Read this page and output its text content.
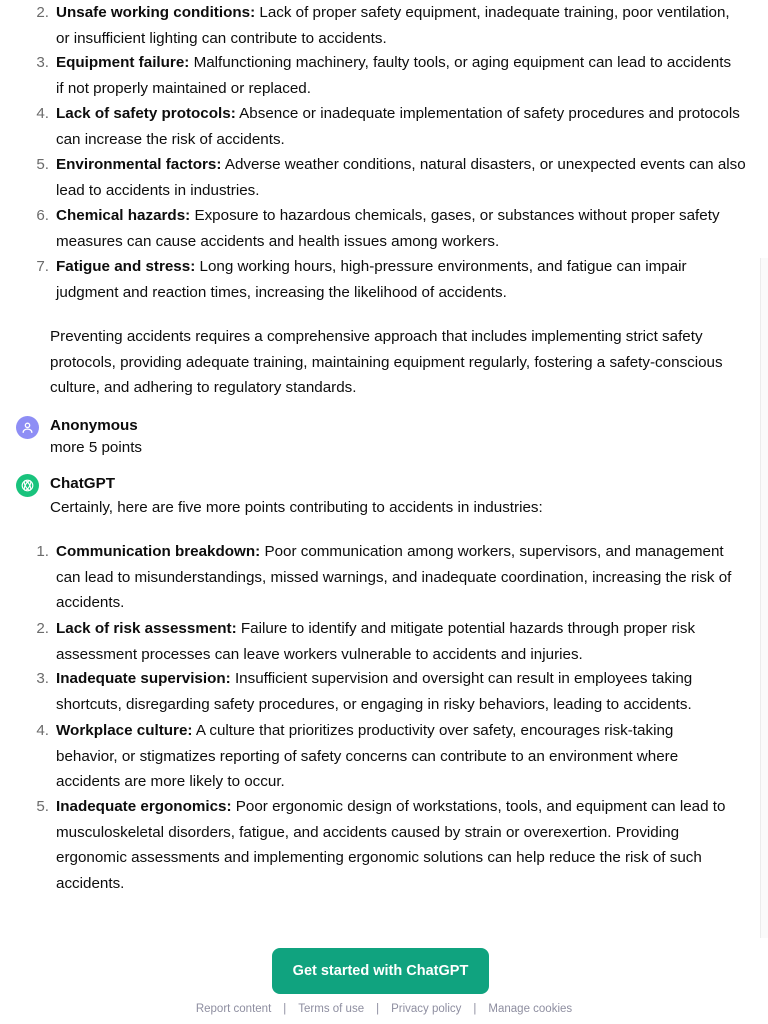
2. Unsafe working conditions: Lack of proper safety equipment, inadequate training, poor ventilation,
or insufficient lighting can contribute to accidents.
3. Equipment failure: Malfunctioning machinery, faulty tools, or aging equipment can lead to accidents
if not properly maintained or replaced.
4. Lack of safety protocols: Absence or inadequate implementation of safety procedures and protocols
can increase the risk of accidents.
5. Environmental factors: Adverse weather conditions, natural disasters, or unexpected events can also
lead to accidents in industries.
6. Chemical hazards: Exposure to hazardous chemicals, gases, or substances without proper safety
measures can cause accidents and health issues among workers.
7. Fatigue and stress: Long working hours, high-pressure environments, and fatigue can impair
judgment and reaction times, increasing the likelihood of accidents.

Preventing accidents requires a comprehensive approach that includes implementing strict safety
protocols, providing adequate training, maintaining equipment regularly, fostering a safety-conscious
culture, and adhering to regulatory standards.

Anonymous
more 5 points
ChatGPT
Certainly, here are five more points contributing to accidents in industries:
1. Communication breakdown: Poor communication among workers, supervisors, and management
can lead to misunderstandings, missed warnings, and inadequate coordination, increasing the risk of
accidents.
2. Lack of risk assessment: Failure to identify and mitigate potential hazards through proper risk
assessment processes can leave workers vulnerable to accidents and injuries.
3. Inadequate supervision: Insufficient supervision and oversight can result in employees taking
shortcuts, disregarding safety procedures, or engaging in risky behaviors, leading to accidents.
4. Workplace culture: A culture that prioritizes productivity over safety, encourages risk-taking
behavior, or stigmatizes reporting of safety concerns can contribute to an environment where
accidents are more likely to occur.
5. Inadequate ergonomics: Poor ergonomic design of workstations, tools, and equipment can lead to
musculoskeletal disorders, fatigue, and accidents caused by strain or overexertion. Providing
ergonomic assessments and implementing ergonomic solutions can help reduce the risk of such
accidents.
Get started with ChatGPT
Report content | Terms of use | Privacy policy | Manage cookies
